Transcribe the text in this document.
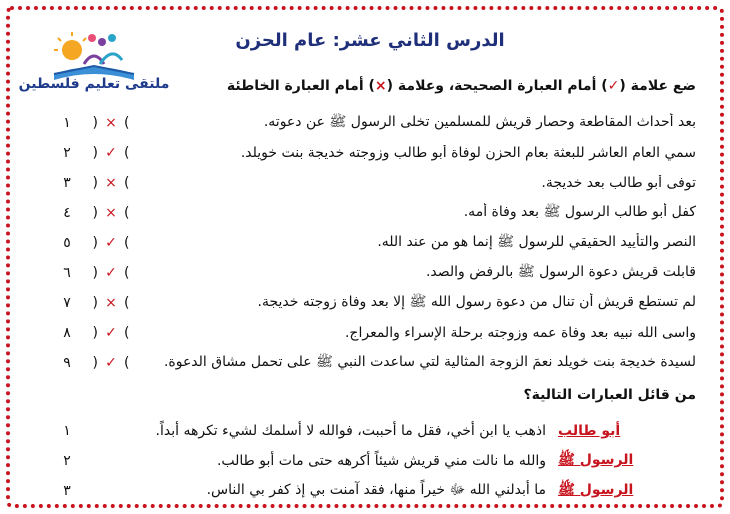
ملتقى تعليم فلسطين
الدرس الثاني عشر: عام الحزن
ضع علامة (✓) أمام العبارة الصحيحة، وعلامة (×) أمام العبارة الخاطئة
١	)×(	بعد أحداث المقاطعة وحصار قريش للمسلمين تخلى الرسول ﷺ عن دعوته.
٢	)✓(	سمي العام العاشر للبعثة بعام الحزن لوفاة أبو طالب وزوجته خديجة بنت خويلد.
٣	)×(	توفى أبو طالب بعد خديجة.
٤	)×(	كفل أبو طالب الرسول ﷺ بعد وفاة أمه.
٥	)✓(	النصر والتأييد الحقيقي للرسول ﷺ إنما هو من عند الله.
٦	)✓(	قابلت قريش دعوة الرسول ﷺ بالرفض والصد.
٧	)×(	لم تستطع قريش أن تنال من دعوة رسول الله ﷺ إلا بعد وفاة زوجته خديجة.
٨	)✓(	واسى الله نبيه بعد وفاة عمه وزوجته برحلة الإسراء والمعراج.
٩	)✓(	لسيدة خديجة بنت خويلد نعمَ الزوجة المثالية لتي ساعدت النبي ﷺ على تحمل مشاق الدعوة.
من قائل العبارات التالية؟
١	اذهب يا ابن أخي، فقل ما أحببت، فوالله لا أسلمك لشيء تكرهه أبداً. أبو طالب
٢	والله ما نالت مني قريش شيئاً أكرهه حتى مات أبو طالب. الرسول ﷺ
٣	ما أبدلني الله ﷻ خيراً منها، فقد آمنت بي إذ كفر بي الناس. الرسول ﷺ
